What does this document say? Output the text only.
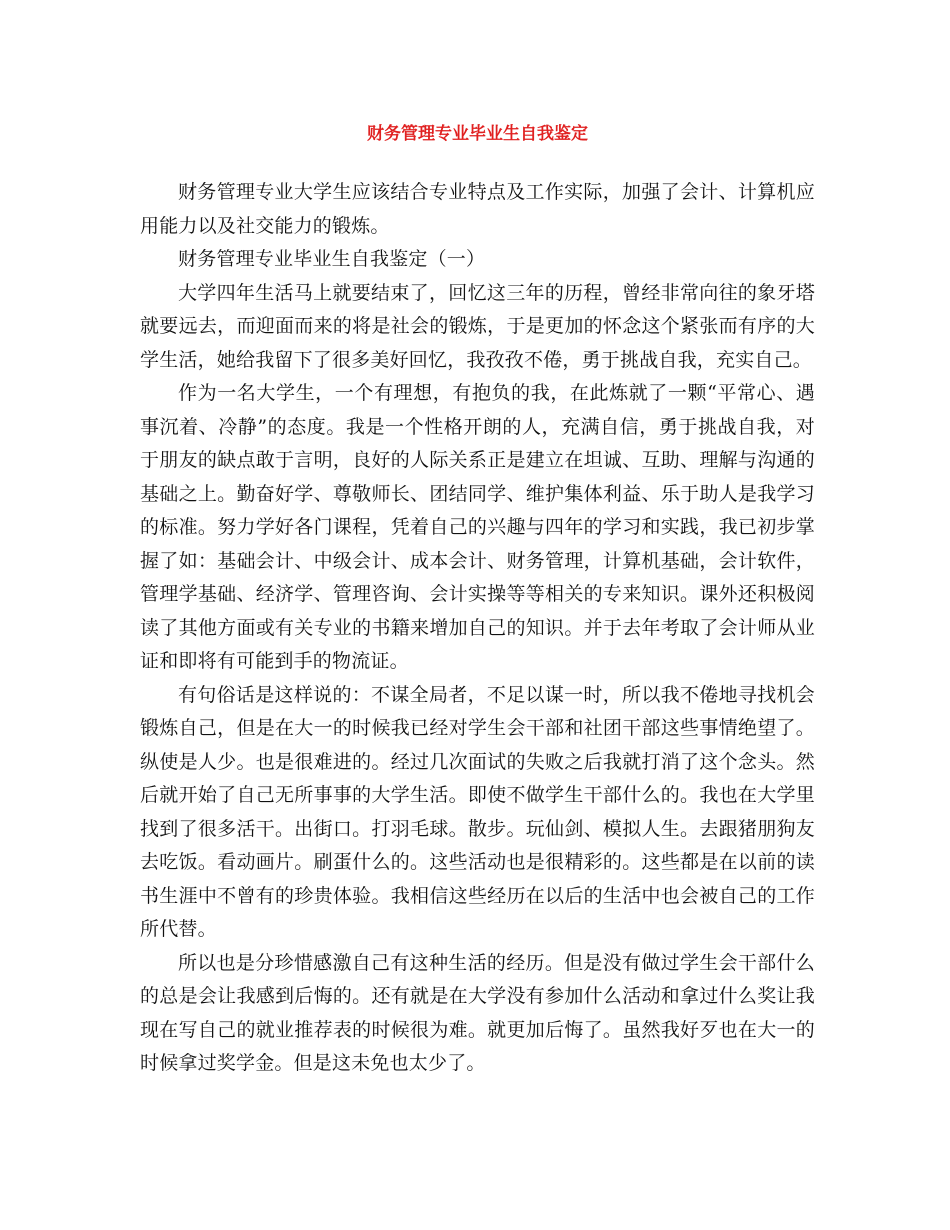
财务管理专业毕业生自我鉴定

财务管理专业大学生应该结合专业特点及工作实际，加强了会计、计算机应用能力以及社交能力的锻炼。

财务管理专业毕业生自我鉴定（一）

大学四年生活马上就要结束了，回忆这三年的历程，曾经非常向往的象牙塔就要远去，而迎面而来的将是社会的锻炼，于是更加的怀念这个紧张而有序的大学生活，她给我留下了很多美好回忆，我孜孜不倦，勇于挑战自我，充实自己。

作为一名大学生，一个有理想，有抱负的我，在此炼就了一颗“平常心、遇事沉着、冷静”的态度。我是一个性格开朗的人，充满自信，勇于挑战自我，对于朋友的缺点敢于言明，良好的人际关系正是建立在坦诚、互助、理解与沟通的基础之上。勤奋好学、尊敬师长、团结同学、维护集体利益、乐于助人是我学习的标准。努力学好各门课程，凭着自己的兴趣与四年的学习和实践，我已初步掌握了如：基础会计、中级会计、成本会计、财务管理，计算机基础，会计软件，管理学基础、经济学、管理咨询、会计实操等等相关的专来知识。课外还积极阅读了其他方面或有关专业的书籍来增加自己的知识。并于去年考取了会计师从业证和即将有可能到手的物流证。

有句俗话是这样说的：不谋全局者，不足以谋一时，所以我不倦地寻找机会锻炼自己，但是在大一的时候我已经对学生会干部和社团干部这些事情绝望了。纵使是人少。也是很难进的。经过几次面试的失败之后我就打消了这个念头。然后就开始了自己无所事事的大学生活。即使不做学生干部什么的。我也在大学里找到了很多活干。出街口。打羽毛球。散步。玩仙剑、模拟人生。去跟猪朋狗友去吃饭。看动画片。刷蛋什么的。这些活动也是很精彩的。这些都是在以前的读书生涯中不曾有的珍贵体验。我相信这些经历在以后的生活中也会被自己的工作所代替。

所以也是分珍惜感激自己有这种生活的经历。但是没有做过学生会干部什么的总是会让我感到后悔的。还有就是在大学没有参加什么活动和拿过什么奖让我现在写自己的就业推荐表的时候很为难。就更加后悔了。虽然我好歹也在大一的时候拿过奖学金。但是这未免也太少了。
